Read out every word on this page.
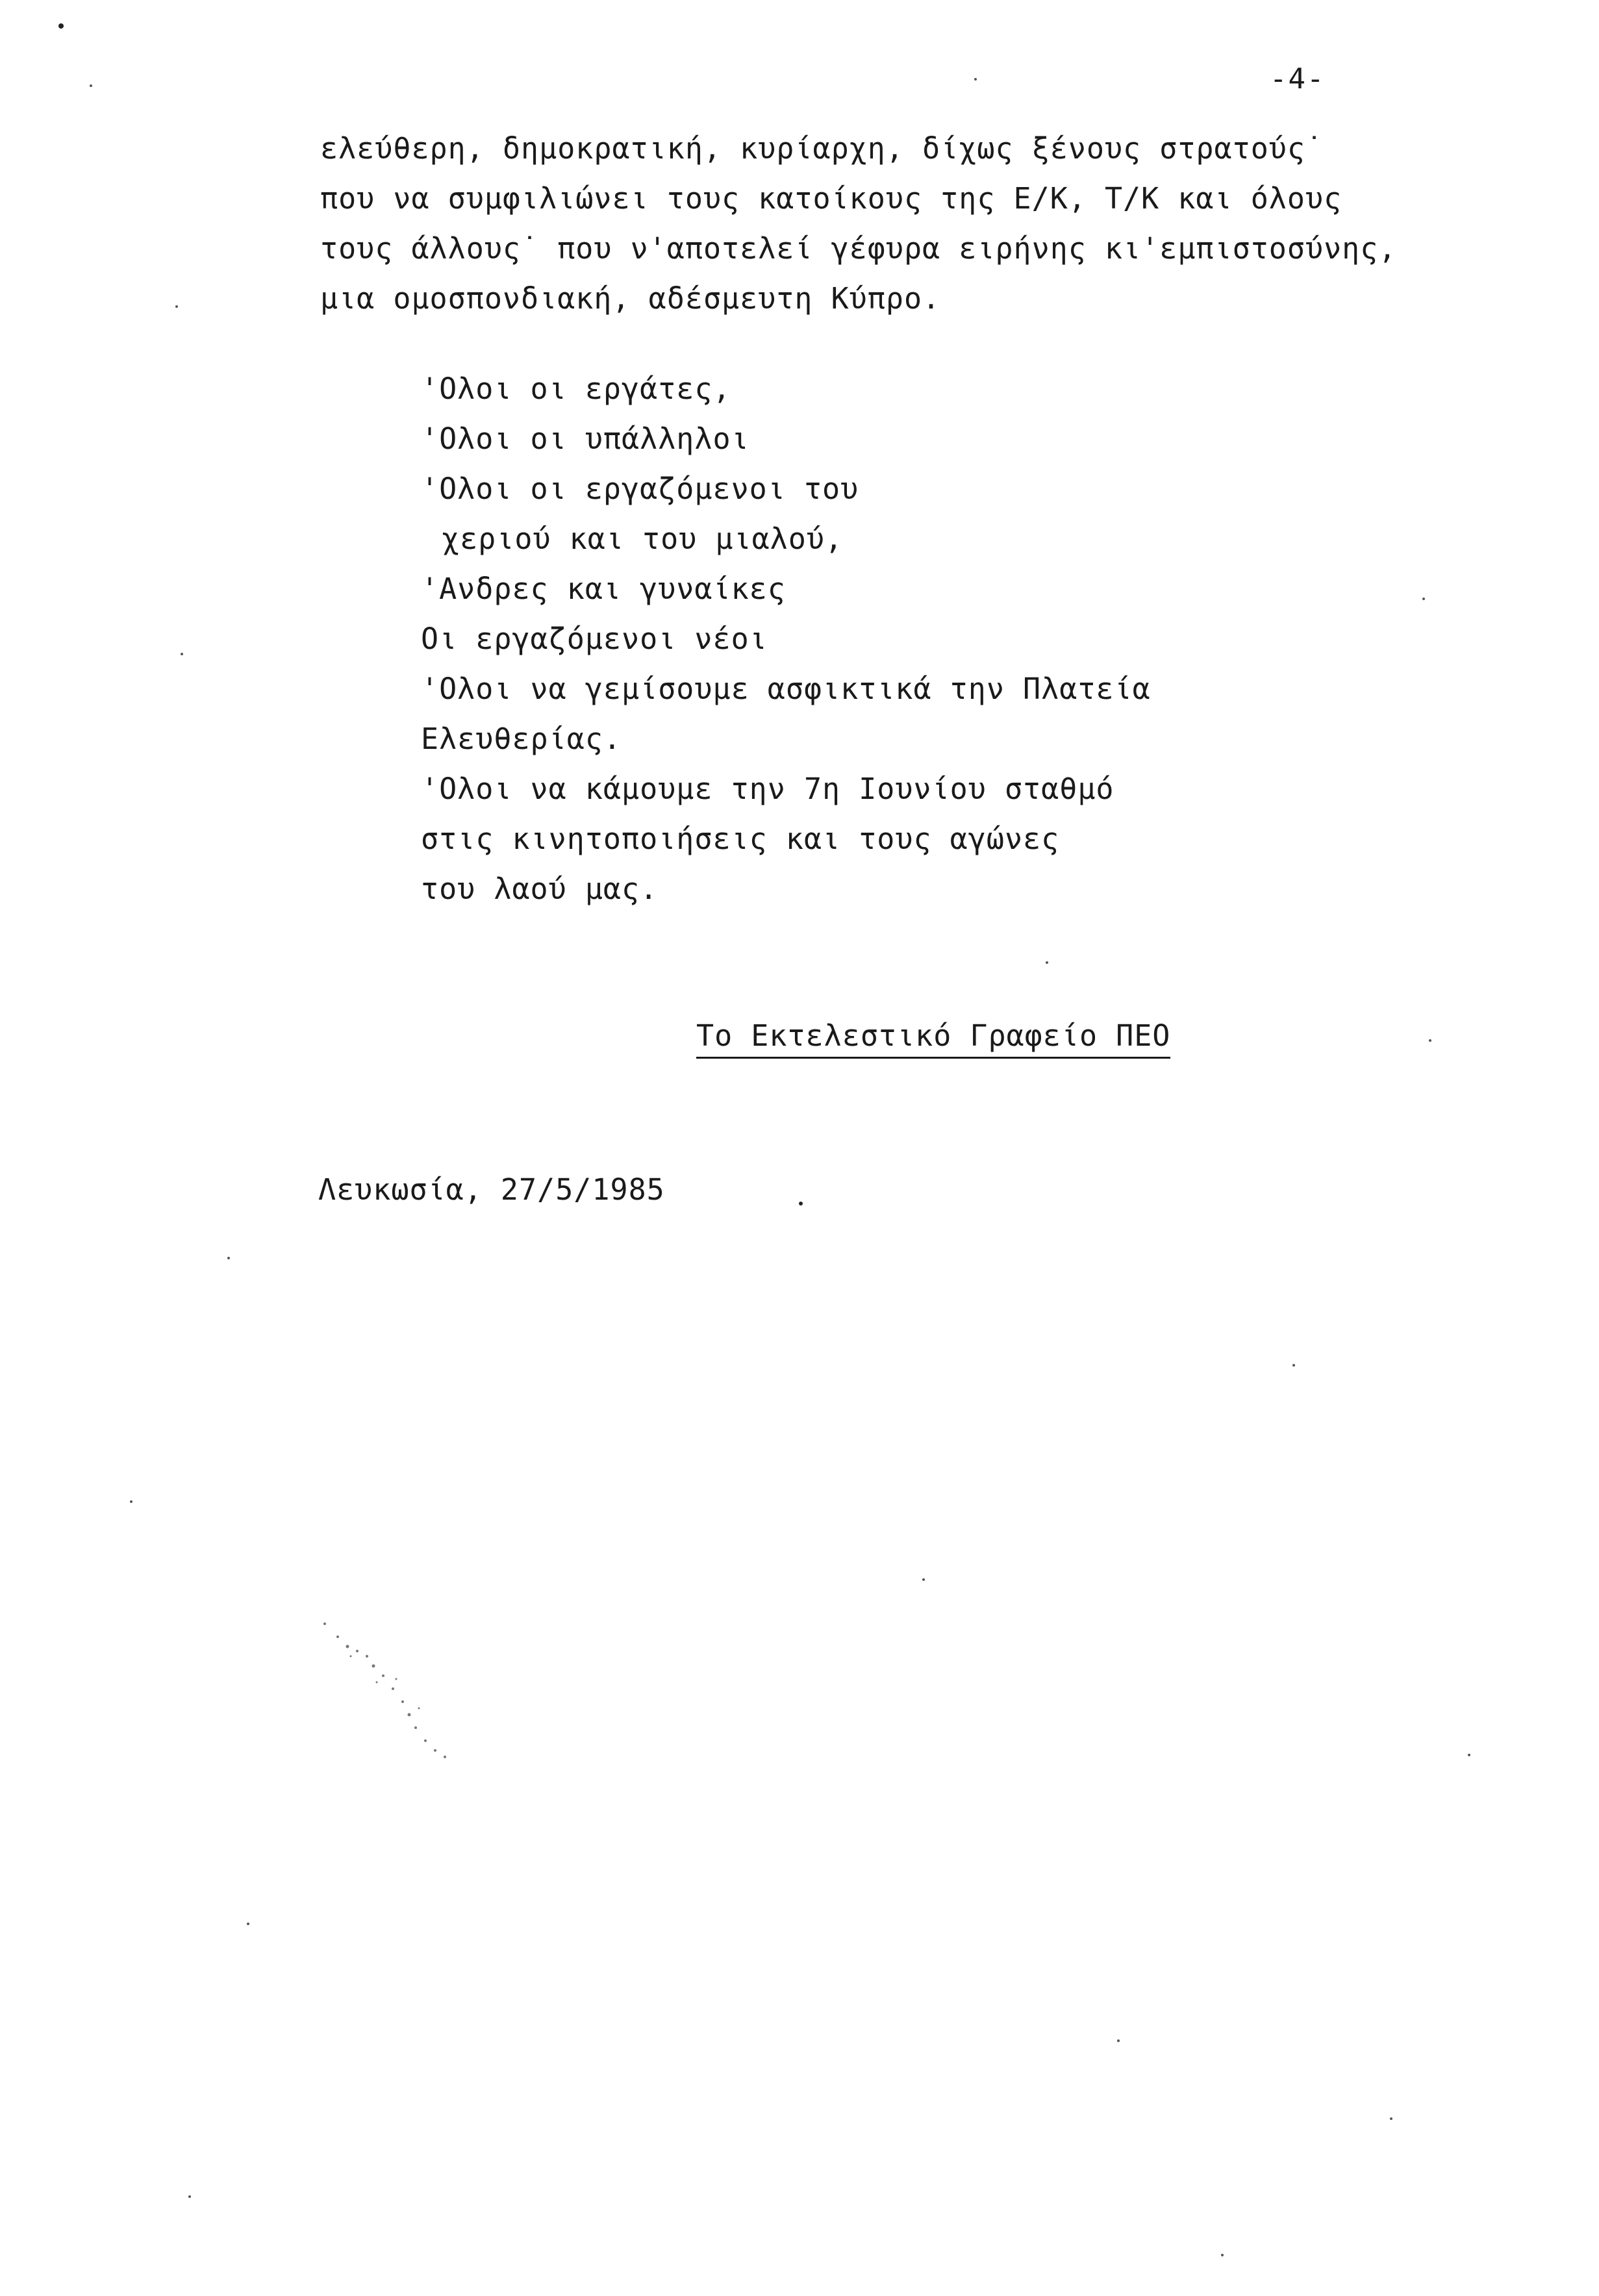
-4-
ελεύθερη, δημοκρατική, κυρίαρχη, δίχως ξένους στρατούς˙
που να συμφιλιώνει τους κατοίκους της Ε/Κ, Τ/Κ και όλους
τους άλλους˙ που ν'αποτελεί γέφυρα ειρήνης κι'εμπιστοσύνης,
μια ομοσπονδιακή, αδέσμευτη Κύπρο.
'Ολοι οι εργάτες,
'Ολοι οι υπάλληλοι
'Ολοι οι εργαζόμενοι του
χεριού και του μιαλού,
'Ανδρες και γυναίκες
Οι εργαζόμενοι νέοι
'Ολοι να γεμίσουμε ασφικτικά την Πλατεία
Ελευθερίας.
'Ολοι να κάμουμε την 7η Ιουνίου σταθμό
στις κινητοποιήσεις και τους αγώνες
του λαού μας.
Το Εκτελεστικό Γραφείο ΠΕΟ
Λευκωσία, 27/5/1985
